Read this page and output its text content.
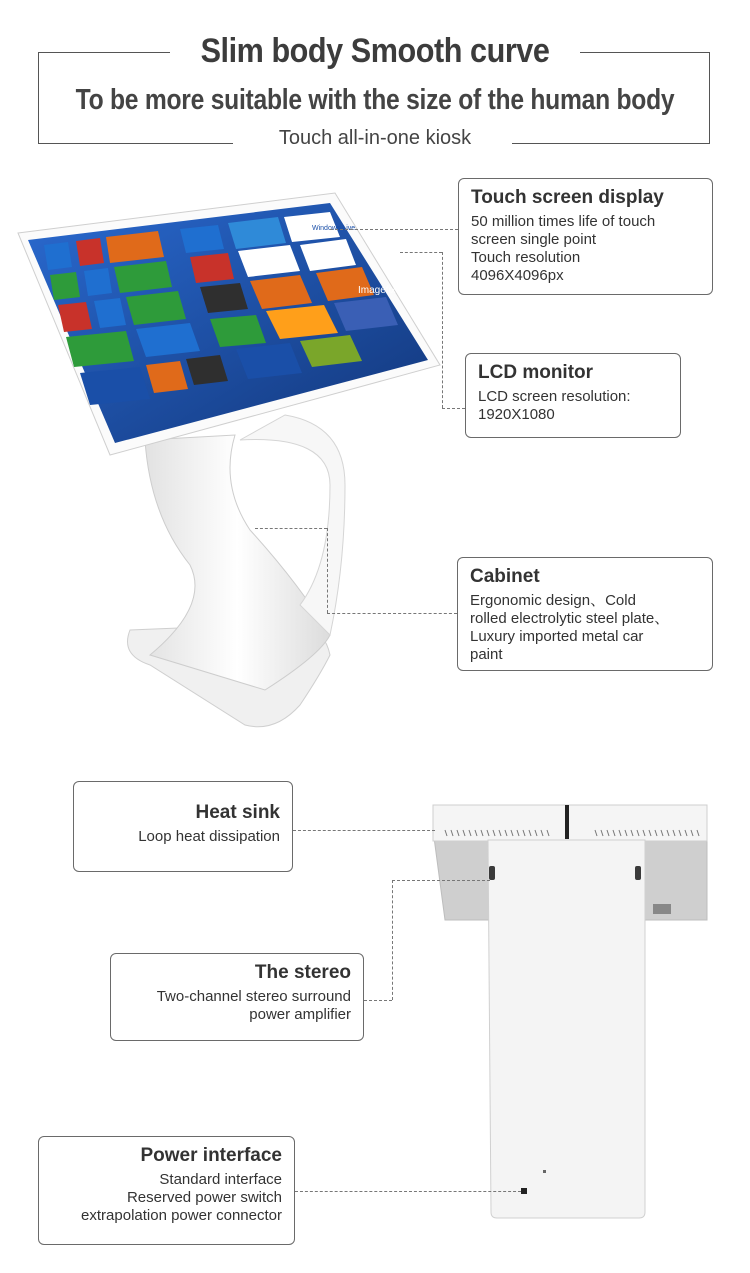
Slim body Smooth curve
To be more suitable with the size of the human body
Touch all-in-one kiosk
Windows Live
Imagefix
Touch screen display
50 million times life of touch
screen single point
Touch resolution
4096X4096px
LCD monitor
LCD screen resolution:
1920X1080
Cabinet
Ergonomic design、Cold
rolled electrolytic steel plate、
Luxury imported metal car
paint
Heat sink
Loop heat dissipation
The stereo
Two-channel stereo surround
power amplifier
Power interface
Standard interface
Reserved power switch
extrapolation power connector
